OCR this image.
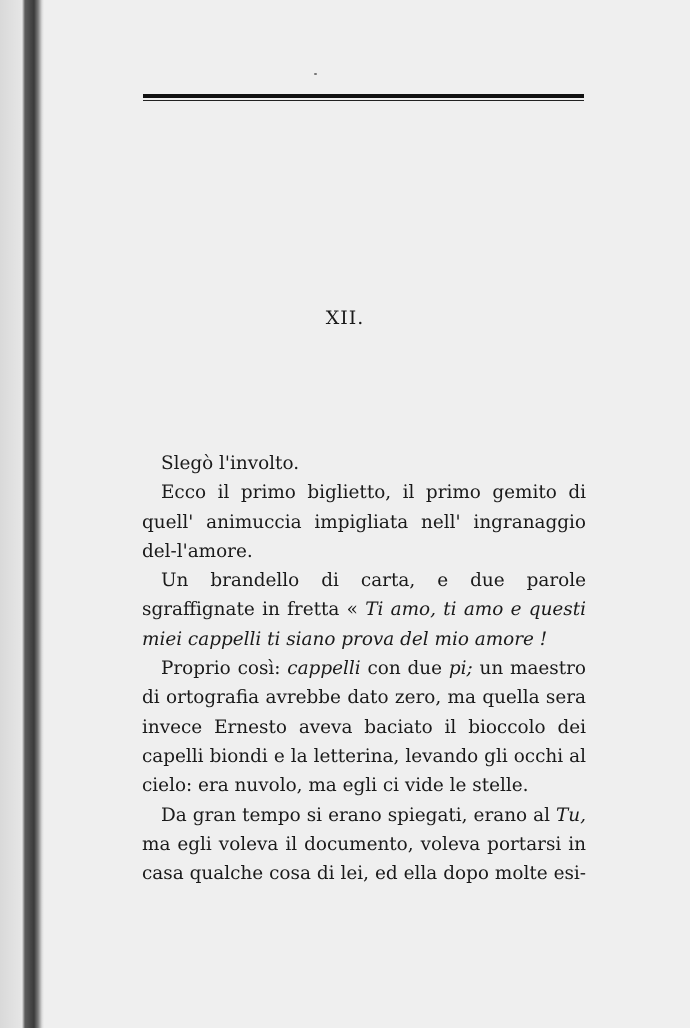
XII.

Slegò l'involto.

Ecco il primo biglietto, il primo gemito di quell' animuccia impigliata nell' ingranaggio del-l'amore.

Un brandello di carta, e due parole sgraffignate in fretta « Ti amo, ti amo e questi miei cappelli ti siano prova del mio amore !

Proprio così: cappelli con due pi; un maestro di ortografia avrebbe dato zero, ma quella sera invece Ernesto aveva baciato il bioccolo dei capelli biondi e la letterina, levando gli occhi al cielo: era nuvolo, ma egli ci vide le stelle.

Da gran tempo si erano spiegati, erano al Tu, ma egli voleva il documento, voleva portarsi in casa qualche cosa di lei, ed ella dopo molte esi-
